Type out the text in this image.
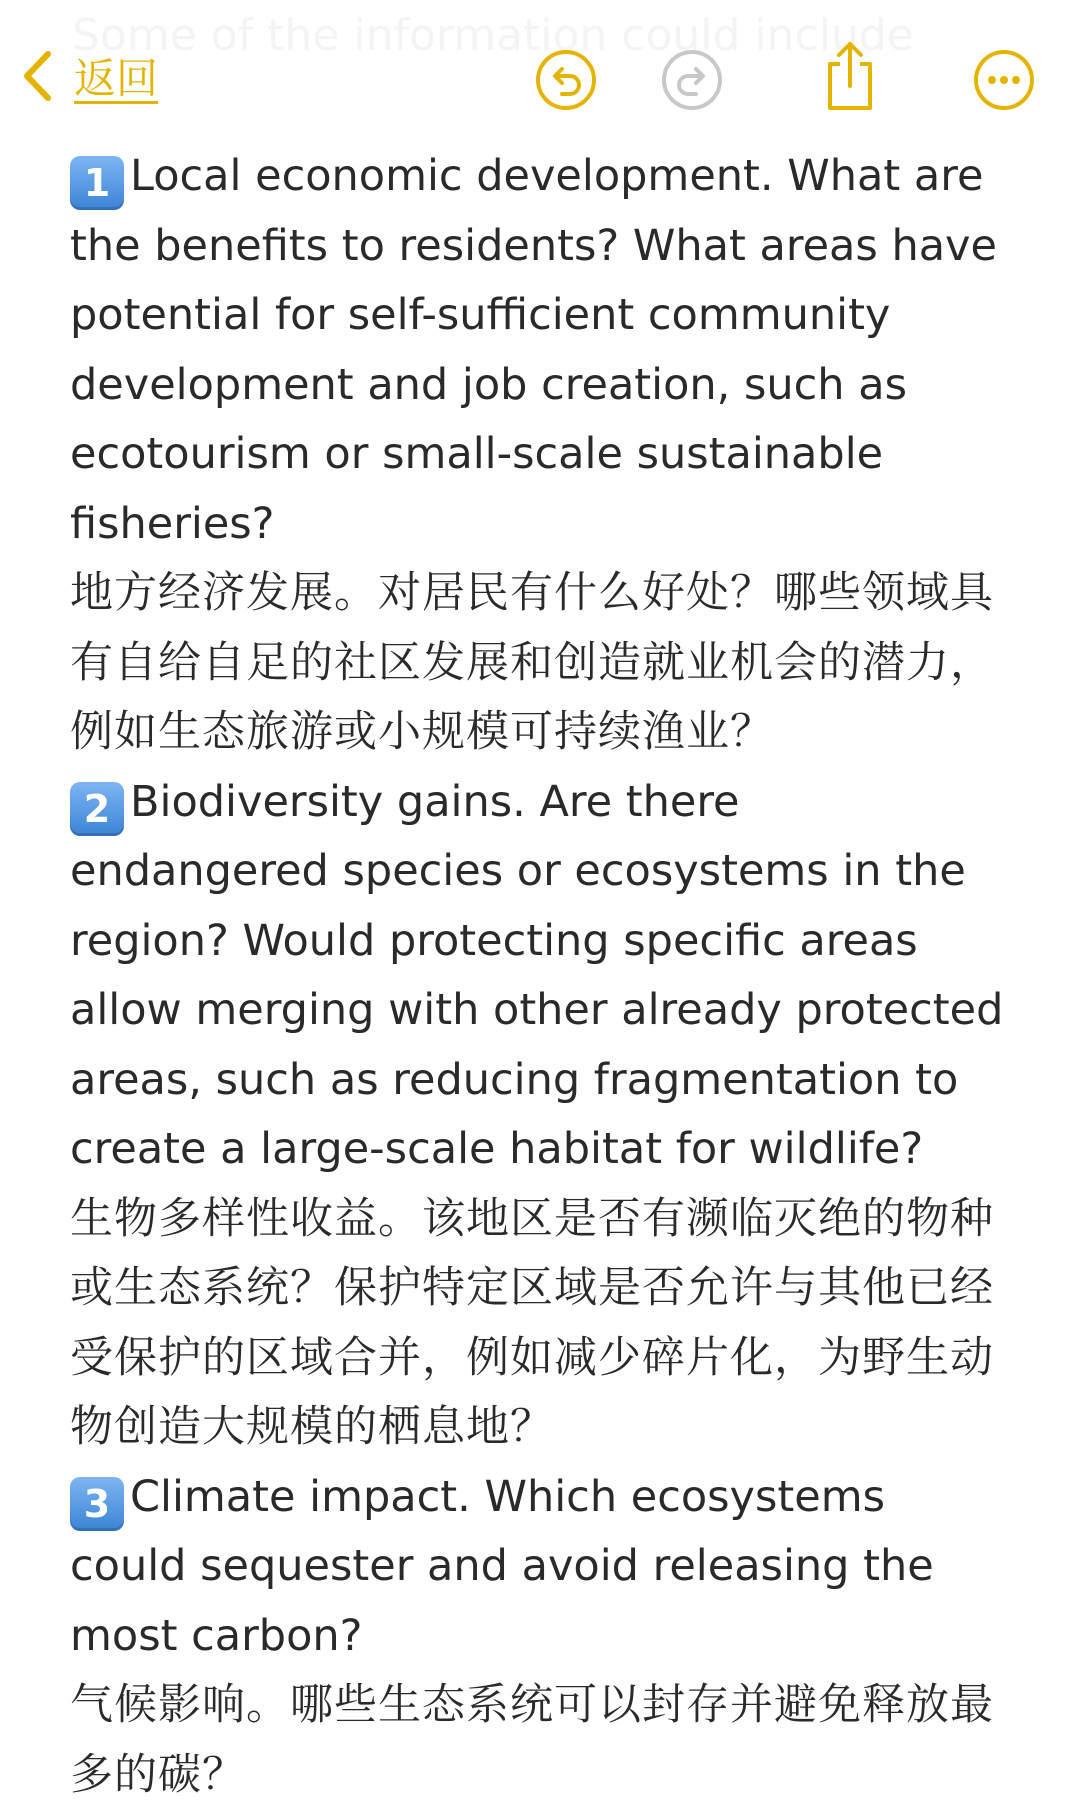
Some of the information could include
返回

1 Local economic development. What are the benefits to residents? What areas have potential for self-sufficient community development and job creation, such as ecotourism or small-scale sustainable fisheries?

地方经济发展。对居民有什么好处？哪些领域具有自给自足的社区发展和创造就业机会的潜力，例如生态旅游或小规模可持续渔业？

2 Biodiversity gains. Are there endangered species or ecosystems in the region? Would protecting specific areas allow merging with other already protected areas, such as reducing fragmentation to create a large-scale habitat for wildlife?

生物多样性收益。该地区是否有濒临灭绝的物种或生态系统？保护特定区域是否允许与其他已经受保护的区域合并，例如减少碎片化，为野生动物创造大规模的栖息地？

3 Climate impact. Which ecosystems could sequester and avoid releasing the most carbon?

气候影响。哪些生态系统可以封存并避免释放最多的碳？
